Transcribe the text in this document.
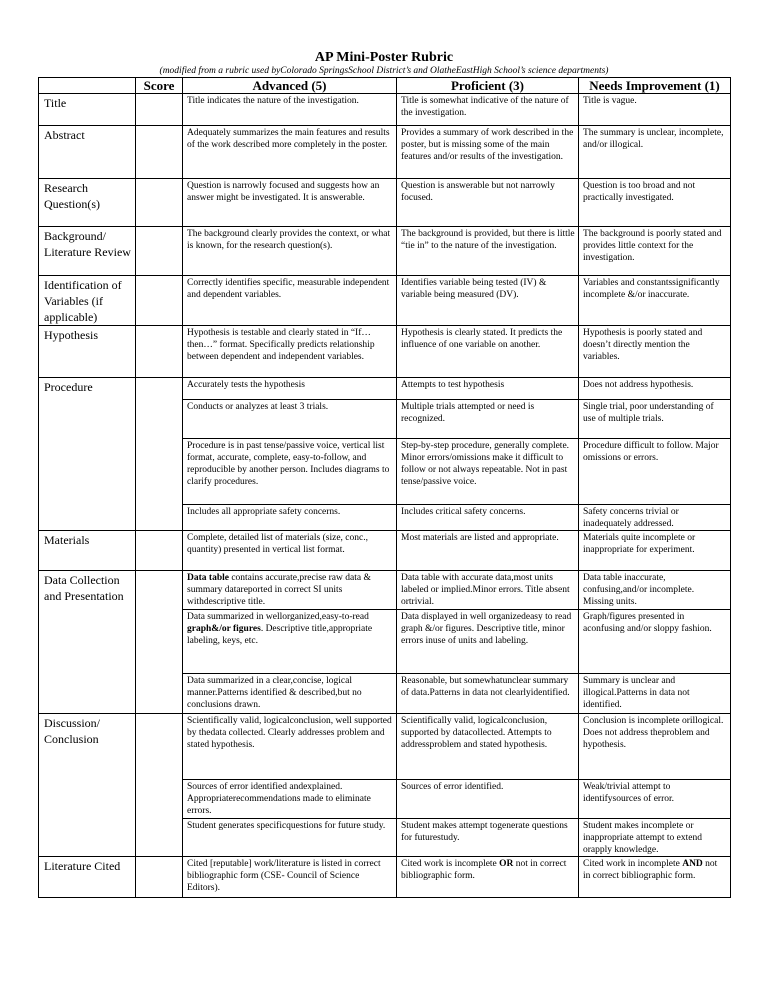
AP Mini-Poster Rubric
(modified from a rubric used byColorado SpringsSchool District’s and OlatheEastHigh School’s science departments)
	Score	Advanced (5)	Proficient (3)	Needs Improvement (1)
Title		Title indicates the nature of the investigation.	Title is somewhat indicative of the nature of the investigation.	Title is vague.
Abstract		Adequately summarizes the main features and results of the work described more completely in the poster.	Provides a summary of work described in the poster, but is missing some of the main features and/or results of the investigation.	The summary is unclear, incomplete, and/or illogical.
Research Question(s)		Question is narrowly focused and suggests how an answer might be investigated. It is answerable.	Question is answerable but not narrowly focused.	Question is too broad and not practically investigated.
Background/ Literature Review		The background clearly provides the context, or what is known, for the research question(s).	The background is provided, but there is little “tie in” to the nature of the investigation.	The background is poorly stated and provides little context for the investigation.
Identification of Variables (if applicable)		Correctly identifies specific, measurable independent and dependent variables.	Identifies variable being tested (IV) & variable being measured (DV).	Variables and constantssignificantly incomplete &/or inaccurate.
Hypothesis		Hypothesis is testable and clearly stated in “If… then…” format. Specifically predicts relationship between dependent and independent variables.	Hypothesis is clearly stated. It predicts the influence of one variable on another.	Hypothesis is poorly stated and doesn’t directly mention the variables.
Procedure		Accurately tests the hypothesis	Attempts to test hypothesis	Does not address hypothesis.
		Conducts or analyzes at least 3 trials.	Multiple trials attempted or need is recognized.	Single trial, poor understanding of use of multiple trials.
		Procedure is in past tense/passive voice, vertical list format, accurate, complete, easy-to-follow, and reproducible by another person. Includes diagrams to clarify procedures.	Step-by-step procedure, generally complete. Minor errors/omissions make it difficult to follow or not always repeatable. Not in past tense/passive voice.	Procedure difficult to follow. Major omissions or errors.
		Includes all appropriate safety concerns.	Includes critical safety concerns.	Safety concerns trivial or inadequately addressed.
Materials		Complete, detailed list of materials (size, conc., quantity) presented in vertical list format.	Most materials are listed and appropriate.	Materials quite incomplete or inappropriate for experiment.
Data Collection and Presentation		Data table contains accurate,precise raw data & summary datareported in correct SI units withdescriptive title.	Data table with accurate data,most units labeled or implied.Minor errors. Title absent ortrivial.	Data table inaccurate, confusing,and/or incomplete. Missing units.
		Data summarized in wellorganized,easy-to-read graph&/or figures. Descriptive title,appropriate labeling, keys, etc.	Data displayed in well organizedeasy to read graph &/or figures. Descriptive title, minor errors inuse of units and labeling.	Graph/figures presented in aconfusing and/or sloppy fashion.
		Data summarized in a clear,concise, logical manner.Patterns identified & described,but no conclusions drawn.	Reasonable, but somewhatunclear summary of data.Patterns in data not clearlyidentified.	Summary is unclear and illogical.Patterns in data not identified.
Discussion/ Conclusion		Scientifically valid, logicalconclusion, well supported by thedata collected. Clearly addresses problem and stated hypothesis.	Scientifically valid, logicalconclusion, supported by datacollected. Attempts to addressproblem and stated hypothesis.	Conclusion is incomplete orillogical. Does not address theproblem and hypothesis.
		Sources of error identified andexplained. Appropriaterecommendations made to eliminate errors.	Sources of error identified.	Weak/trivial attempt to identifysources of error.
		Student generates specificquestions for future study.	Student makes attempt togenerate questions for futurestudy.	Student makes incomplete or inappropriate attempt to extend orapply knowledge.
Literature Cited		Cited [reputable] work/literature is listed in correct bibliographic form (CSE- Council of Science Editors).	Cited work is incomplete OR not in correct bibliographic form.	Cited work in incomplete AND not in correct bibliographic form.
